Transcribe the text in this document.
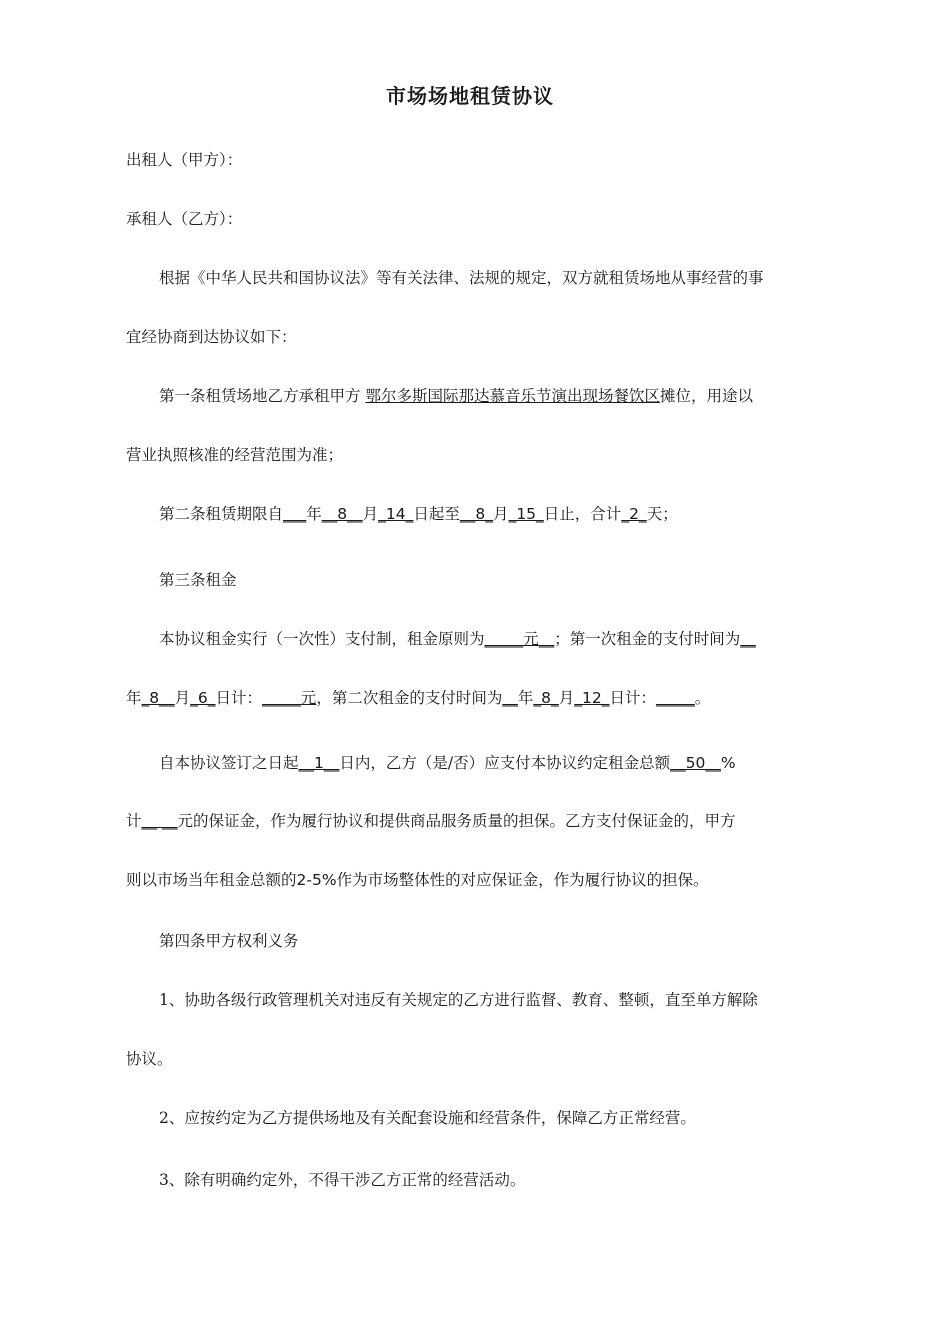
市场场地租赁协议
出租人（甲方）：
承租人（乙方）：
根据《中华人民共和国协议法》等有关法律、法规的规定，双方就租赁场地从事经营的事
宜经协商到达协议如下：
第一条租赁场地乙方承租甲方 鄂尔多斯国际那达慕音乐节演出现场餐饮区摊位，用途以
营业执照核准的经营范围为准；
第二条租赁期限自___年__8__月_14_日起至__8_月_15_日止，合计_2_天；
第三条租金
本协议租金实行（一次性）支付制，租金原则为_____元__；第一次租金的支付时间为__
年_8__月_6_日计：_____元，第二次租金的支付时间为__年_8_月_12_日计：_____。
自本协议签订之日起__1__日内，乙方（是/否）应支付本协议约定租金总额__50__%
计__ __元的保证金，作为履行协议和提供商品服务质量的担保。乙方支付保证金的，甲方
则以市场当年租金总额的2-5%作为市场整体性的对应保证金，作为履行协议的担保。
第四条甲方权利义务
1、协助各级行政管理机关对违反有关规定的乙方进行监督、教育、整顿，直至单方解除
协议。
2、应按约定为乙方提供场地及有关配套设施和经营条件，保障乙方正常经营。
3、除有明确约定外，不得干涉乙方正常的经营活动。
